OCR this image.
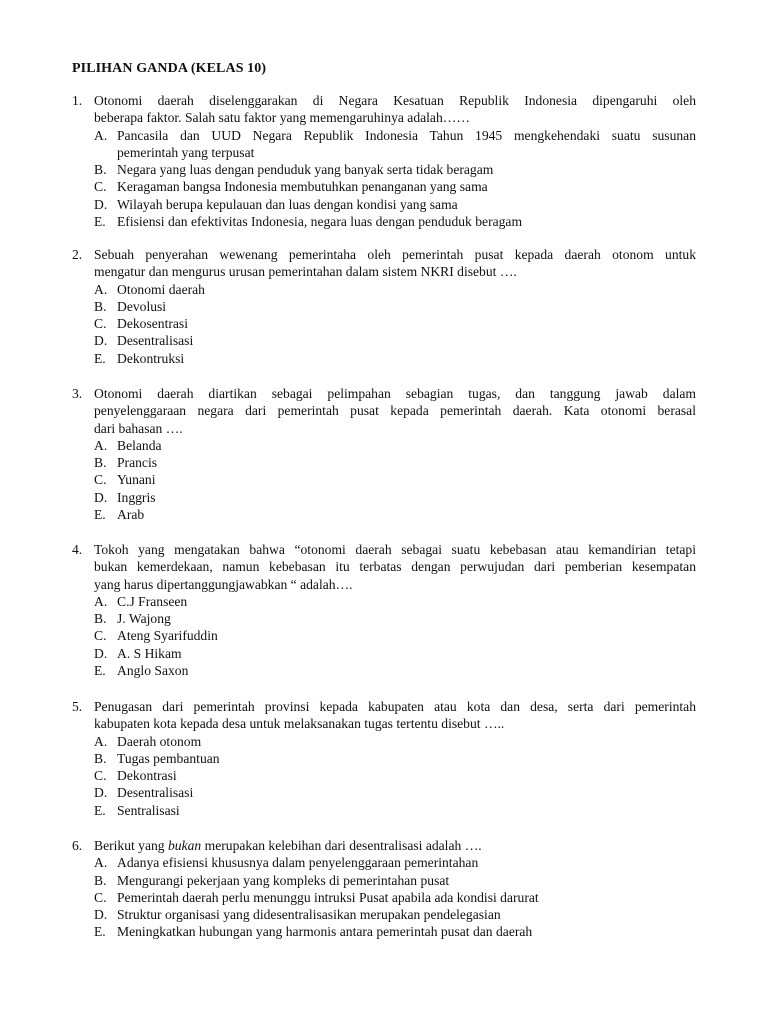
PILIHAN GANDA (KELAS 10)
1. Otonomi daerah diselenggarakan di Negara Kesatuan Republik Indonesia dipengaruhi oleh
beberapa faktor. Salah satu faktor yang memengaruhinya adalah……
A. Pancasila dan UUD Negara Republik Indonesia Tahun 1945 mengkehendaki suatu susunan
pemerintah yang terpusat
B. Negara yang luas dengan penduduk yang banyak serta tidak beragam
C. Keragaman bangsa Indonesia membutuhkan penanganan yang sama
D. Wilayah berupa kepulauan dan luas dengan kondisi yang sama
E. Efisiensi dan efektivitas Indonesia, negara luas dengan penduduk beragam
2. Sebuah penyerahan wewenang pemerintaha oleh pemerintah pusat kepada daerah otonom untuk
mengatur dan mengurus urusan pemerintahan dalam sistem NKRI disebut ….
A. Otonomi daerah
B. Devolusi
C. Dekosentrasi
D. Desentralisasi
E. Dekontruksi
3. Otonomi daerah diartikan sebagai pelimpahan sebagian tugas, dan tanggung jawab dalam
penyelenggaraan negara dari pemerintah pusat kepada pemerintah daerah. Kata otonomi berasal
dari bahasan ….
A. Belanda
B. Prancis
C. Yunani
D. Inggris
E. Arab
4. Tokoh yang mengatakan bahwa “otonomi daerah sebagai suatu kebebasan atau kemandirian tetapi
bukan kemerdekaan, namun kebebasan itu terbatas dengan perwujudan dari pemberian kesempatan
yang harus dipertanggungjawabkan “ adalah….
A. C.J Franseen
B. J. Wajong
C. Ateng Syarifuddin
D. A. S Hikam
E. Anglo Saxon
5. Penugasan dari pemerintah provinsi kepada kabupaten atau kota dan desa, serta dari pemerintah
kabupaten kota kepada desa untuk melaksanakan tugas tertentu disebut …..
A. Daerah otonom
B. Tugas pembantuan
C. Dekontrasi
D. Desentralisasi
E. Sentralisasi
6. Berikut yang bukan merupakan kelebihan dari desentralisasi adalah ….
A. Adanya efisiensi khususnya dalam penyelenggaraan pemerintahan
B. Mengurangi pekerjaan yang kompleks di pemerintahan pusat
C. Pemerintah daerah perlu menunggu intruksi Pusat apabila ada kondisi darurat
D. Struktur organisasi yang didesentralisasikan merupakan pendelegasian
E. Meningkatkan hubungan yang harmonis antara pemerintah pusat dan daerah
